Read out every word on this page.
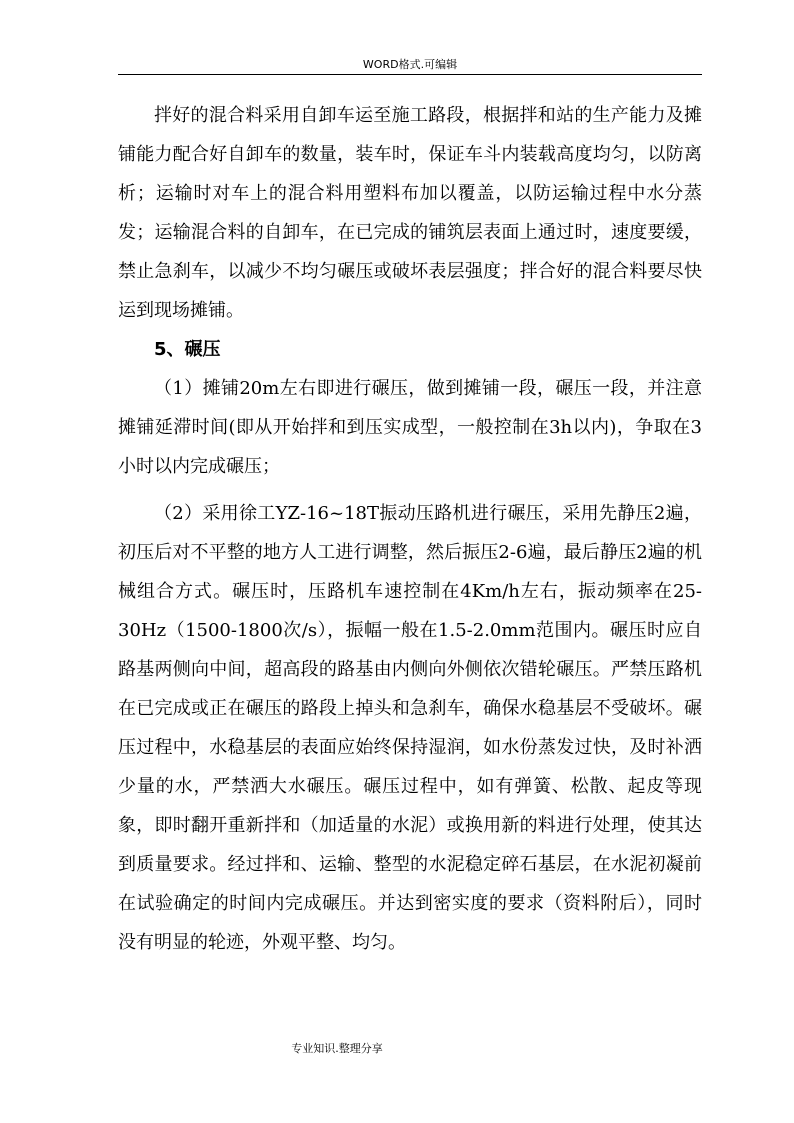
WORD格式.可编辑

拌好的混合料采用自卸车运至施工路段，根据拌和站的生产能力及摊铺能力配合好自卸车的数量，装车时，保证车斗内装载高度均匀，以防离析；运输时对车上的混合料用塑料布加以覆盖，以防运输过程中水分蒸发；运输混合料的自卸车，在已完成的铺筑层表面上通过时，速度要缓，禁止急刹车，以减少不均匀碾压或破坏表层强度；拌合好的混合料要尽快运到现场摊铺。

5、碾压

（1）摊铺20m左右即进行碾压，做到摊铺一段，碾压一段，并注意摊铺延滞时间(即从开始拌和到压实成型，一般控制在3h以内)，争取在3小时以内完成碾压；

（2）采用徐工YZ-16~18T振动压路机进行碾压，采用先静压2遍，初压后对不平整的地方人工进行调整，然后振压2-6遍，最后静压2遍的机械组合方式。碾压时，压路机车速控制在4Km/h左右，振动频率在25-30Hz（1500-1800次/s），振幅一般在1.5-2.0mm范围内。碾压时应自路基两侧向中间，超高段的路基由内侧向外侧依次错轮碾压。严禁压路机在已完成或正在碾压的路段上掉头和急刹车，确保水稳基层不受破坏。碾压过程中，水稳基层的表面应始终保持湿润，如水份蒸发过快，及时补洒少量的水，严禁洒大水碾压。碾压过程中，如有弹簧、松散、起皮等现象，即时翻开重新拌和（加适量的水泥）或换用新的料进行处理，使其达到质量要求。经过拌和、运输、整型的水泥稳定碎石基层，在水泥初凝前在试验确定的时间内完成碾压。并达到密实度的要求（资料附后），同时没有明显的轮迹，外观平整、均匀。

专业知识.整理分享
